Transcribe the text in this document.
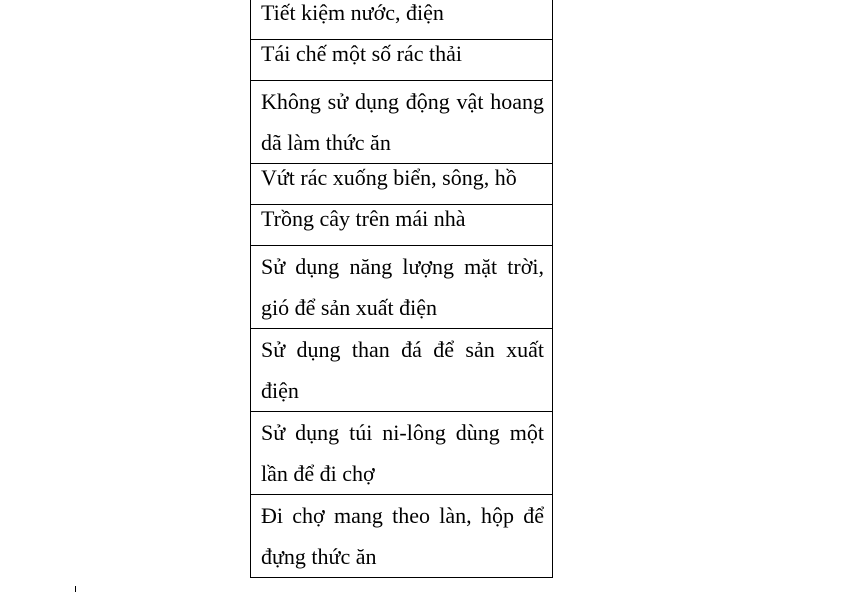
Tiết kiệm nước, điện
Tái chế một số rác thải
Không sử dụng động vật hoang dã làm thức ăn
Vứt rác xuống biển, sông, hồ
Trồng cây trên mái nhà
Sử dụng năng lượng mặt trời, gió để sản xuất điện
Sử dụng than đá để sản xuất điện
Sử dụng túi ni-lông dùng một lần để đi chợ
Đi chợ mang theo làn, hộp để đựng thức ăn
